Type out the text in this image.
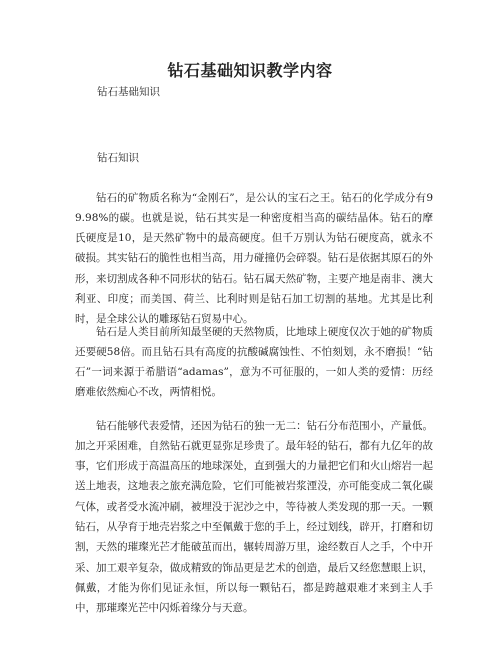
钻石基础知识教学内容
钻石基础知识
钻石知识

钻石的矿物质名称为“金刚石”，是公认的宝石之王。钻石的化学成分有99.98%的碳。也就是说，钻石其实是一种密度相当高的碳结晶体。钻石的摩氏硬度是10，是天然矿物中的最高硬度。但千万别认为钻石硬度高，就永不破损。其实钻石的脆性也相当高，用力碰撞仍会碎裂。钻石是依据其原石的外形，来切割成各种不同形状的钻石。钻石属天然矿物，主要产地是南非、澳大利亚、印度；而美国、荷兰、比利时则是钻石加工切割的基地。尤其是比利时，是全球公认的雕琢钻石贸易中心。

钻石是人类目前所知最坚硬的天然物质，比地球上硬度仅次于她的矿物质还要硬58倍。而且钻石具有高度的抗酸碱腐蚀性、不怕刻划，永不磨损！“钻石”一词来源于希腊语“adamas”，意为不可征服的，一如人类的爱情：历经磨难依然痴心不改，两情相悦。

钻石能够代表爱情，还因为钻石的独一无二：钻石分布范围小，产量低。加之开采困难，自然钻石就更显弥足珍贵了。最年轻的钻石，都有九亿年的故事，它们形成于高温高压的地球深处，直到强大的力量把它们和火山熔岩一起送上地表，这地表之旅充满危险，它们可能被岩浆湮没，亦可能变成二氧化碳气体，或者受水流冲刷，被埋没于泥沙之中，等待被人类发现的那一天。一颗钻石，从孕育于地壳岩浆之中至佩戴于您的手上，经过划线，辟开，打磨和切割，天然的璀璨光芒才能破茧而出，辗转周游万里，途经数百人之手，个中开采、加工艰辛复杂，做成精致的饰品更是艺术的创造，最后又经您慧眼上识，佩戴，才能为你们见证永恒，所以每一颗钻石，都是跨越艰难才来到主人手中，那璀璨光芒中闪烁着缘分与天意。
